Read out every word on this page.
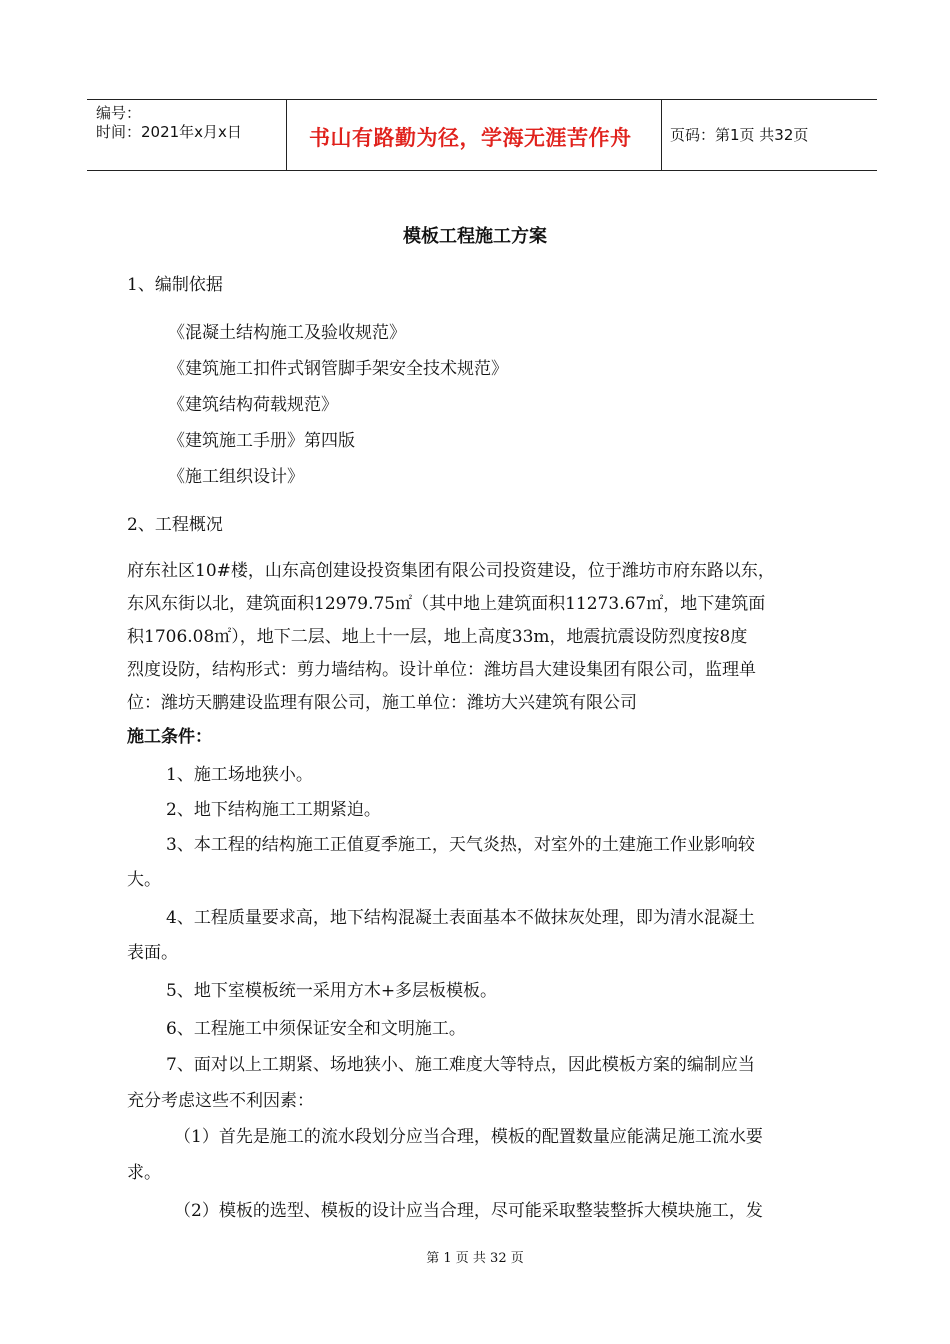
编号：
时间：2021年x月x日	书山有路勤为径，学海无涯苦作舟	页码：第1页 共32页
模板工程施工方案
1、编制依据
《混凝土结构施工及验收规范》
《建筑施工扣件式钢管脚手架安全技术规范》
《建筑结构荷载规范》
《建筑施工手册》第四版
《施工组织设计》
2、工程概况
府东社区10#楼，山东高创建设投资集团有限公司投资建设，位于潍坊市府东路以东，
东风东街以北，建筑面积12979.75㎡（其中地上建筑面积11273.67㎡，地下建筑面
积1706.08㎡），地下二层、地上十一层，地上高度33m，地震抗震设防烈度按8度
烈度设防，结构形式：剪力墙结构。设计单位：潍坊昌大建设集团有限公司，监理单
位：潍坊天鹏建设监理有限公司，施工单位：潍坊大兴建筑有限公司
施工条件：
1、施工场地狭小。
2、地下结构施工工期紧迫。
3、本工程的结构施工正值夏季施工，天气炎热，对室外的土建施工作业影响较
大。
4、工程质量要求高，地下结构混凝土表面基本不做抹灰处理，即为清水混凝土
表面。
5、地下室模板统一采用方木+多层板模板。
6、工程施工中须保证安全和文明施工。
7、面对以上工期紧、场地狭小、施工难度大等特点，因此模板方案的编制应当
充分考虑这些不利因素：
（1）首先是施工的流水段划分应当合理，模板的配置数量应能满足施工流水要
求。
（2）模板的选型、模板的设计应当合理，尽可能采取整装整拆大模块施工，发
第 1 页 共 32 页
